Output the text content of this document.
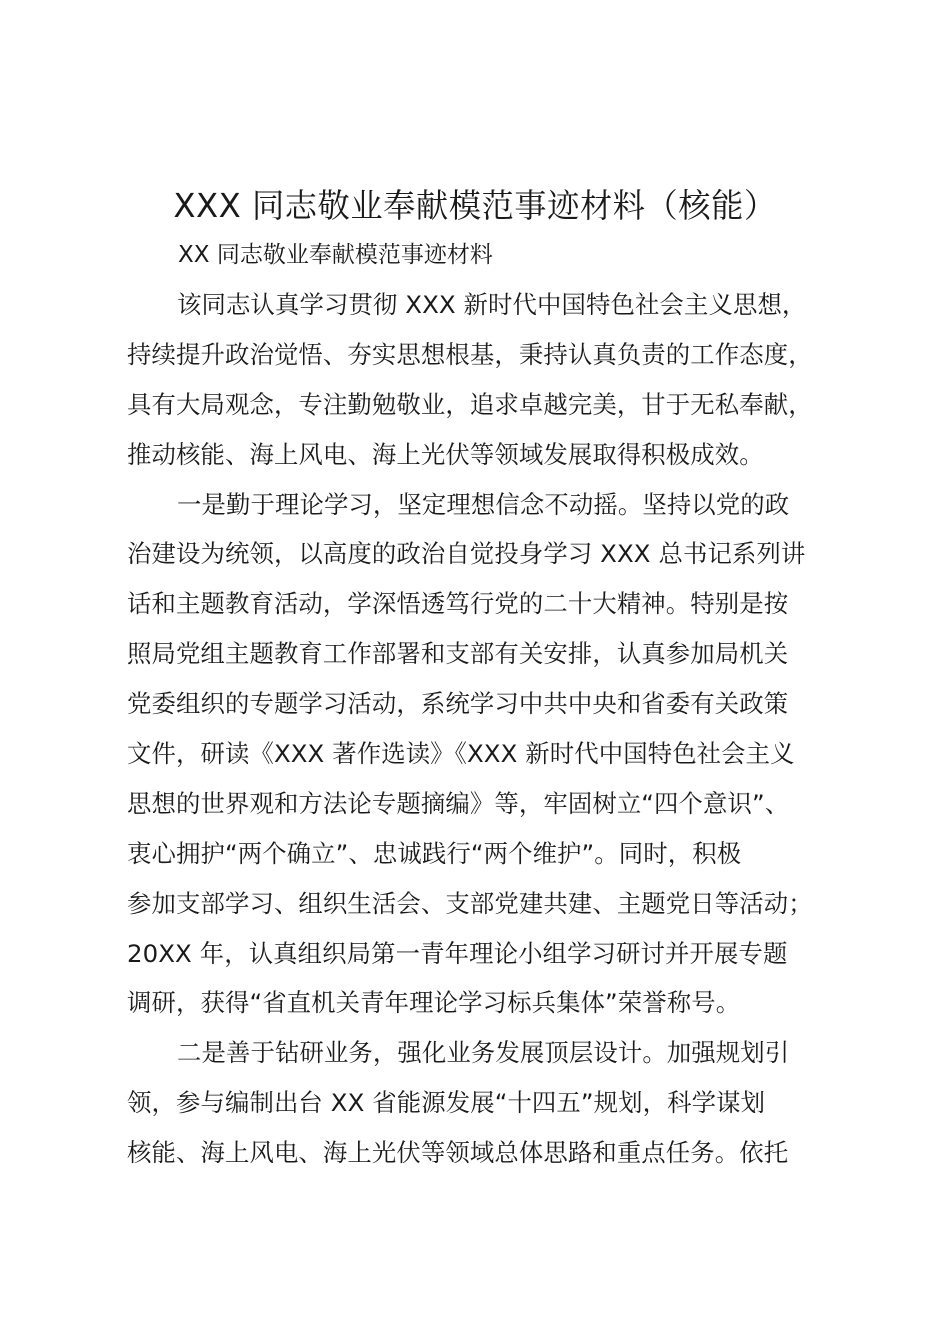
XXX 同志敬业奉献模范事迹材料（核能）
XX 同志敬业奉献模范事迹材料
该同志认真学习贯彻 XXX 新时代中国特色社会主义思想，
持续提升政治觉悟、夯实思想根基，秉持认真负责的工作态度，
具有大局观念，专注勤勉敬业，追求卓越完美，甘于无私奉献，
推动核能、海上风电、海上光伏等领域发展取得积极成效。
一是勤于理论学习，坚定理想信念不动摇。坚持以党的政
治建设为统领，以高度的政治自觉投身学习 XXX 总书记系列讲
话和主题教育活动，学深悟透笃行党的二十大精神。特别是按
照局党组主题教育工作部署和支部有关安排，认真参加局机关
党委组织的专题学习活动，系统学习中共中央和省委有关政策
文件，研读《XXX 著作选读》《XXX 新时代中国特色社会主义
思想的世界观和方法论专题摘编》等，牢固树立“四个意识”、
衷心拥护“两个确立”、忠诚践行“两个维护”。同时，积极
参加支部学习、组织生活会、支部党建共建、主题党日等活动；
20XX 年，认真组织局第一青年理论小组学习研讨并开展专题
调研，获得“省直机关青年理论学习标兵集体”荣誉称号。
二是善于钻研业务，强化业务发展顶层设计。加强规划引
领，参与编制出台 XX 省能源发展“十四五”规划，科学谋划
核能、海上风电、海上光伏等领域总体思路和重点任务。依托
